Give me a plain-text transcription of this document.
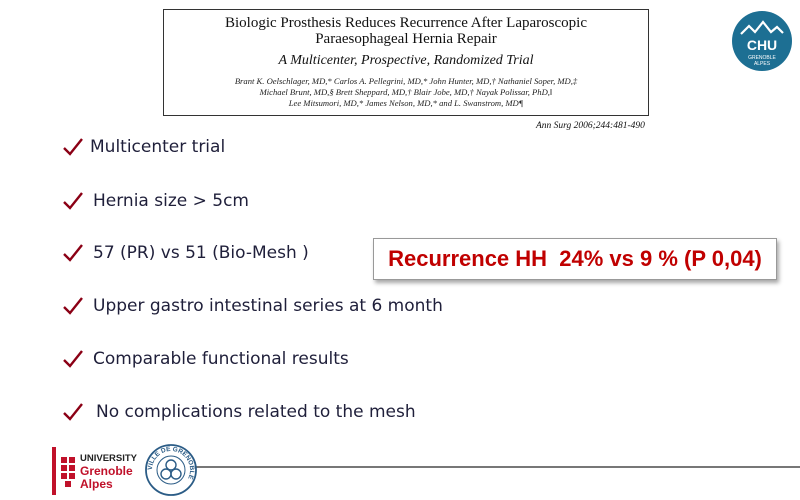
Biologic Prosthesis Reduces Recurrence After Laparoscopic
Paraesophageal Hernia Repair
A Multicenter, Prospective, Randomized Trial
Brant K. Oelschlager, MD,* Carlos A. Pellegrini, MD,* John Hunter, MD,† Nathaniel Soper, MD,‡
Michael Brunt, MD,§ Brett Sheppard, MD,† Blair Jobe, MD,† Nayak Polissar, PhD,‖
Lee Mitsumori, MD,* James Nelson, MD,* and L. Swanstrom, MD¶
Ann Surg 2006;244:481-490
CHU
GRENOBLE
ALPES
Multicenter trial
Hernia size > 5cm
57 (PR) vs 51 (Bio-Mesh )
Upper gastro intestinal series at 6 month
Comparable functional results
No complications related to the mesh
Recurrence HH  24% vs 9 % (P 0,04)
UNIVERSITY
Grenoble
Alpes
VILLE DE GRENOBLE
